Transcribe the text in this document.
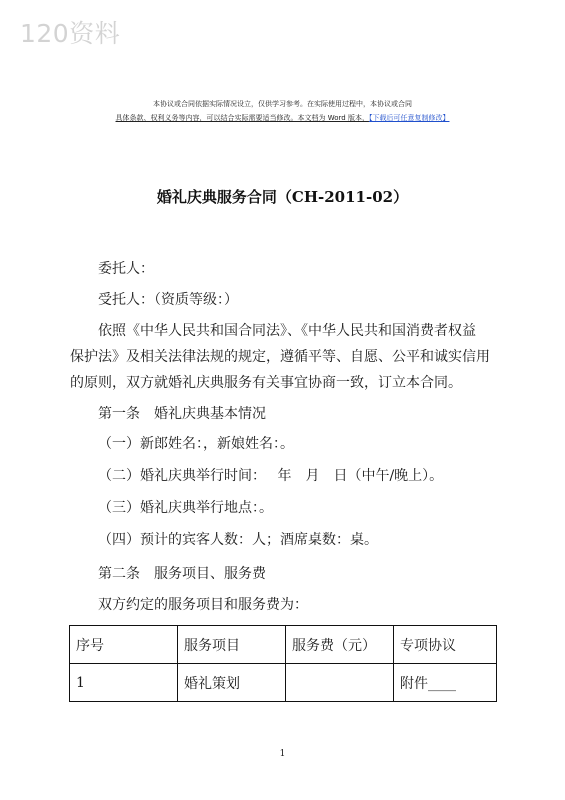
120资料
本协议或合同依据实际情况设立，仅供学习参考。在实际使用过程中，本协议或合同
具体条款、权利义务等内容，可以结合实际需要适当修改。本文档为 Word 版本，【下载后可任意复制修改】
婚礼庆典服务合同（CH-2011-02）
委托人：
受托人：（资质等级：）
依照《中华人民共和国合同法》、《中华人民共和国消费者权益
保护法》及相关法律法规的规定，遵循平等、自愿、公平和诚实信用
的原则，双方就婚礼庆典服务有关事宜协商一致，订立本合同。
第一条　婚礼庆典基本情况
（一）新郎姓名：，新娘姓名：。
（二）婚礼庆典举行时间：　 年　月　日（中午/晚上）。
（三）婚礼庆典举行地点：。
（四）预计的宾客人数：人；酒席桌数：桌。
第二条　服务项目、服务费
双方约定的服务项目和服务费为：
序号	服务项目	服务费（元）	专项协议
1	婚礼策划		附件____
1
